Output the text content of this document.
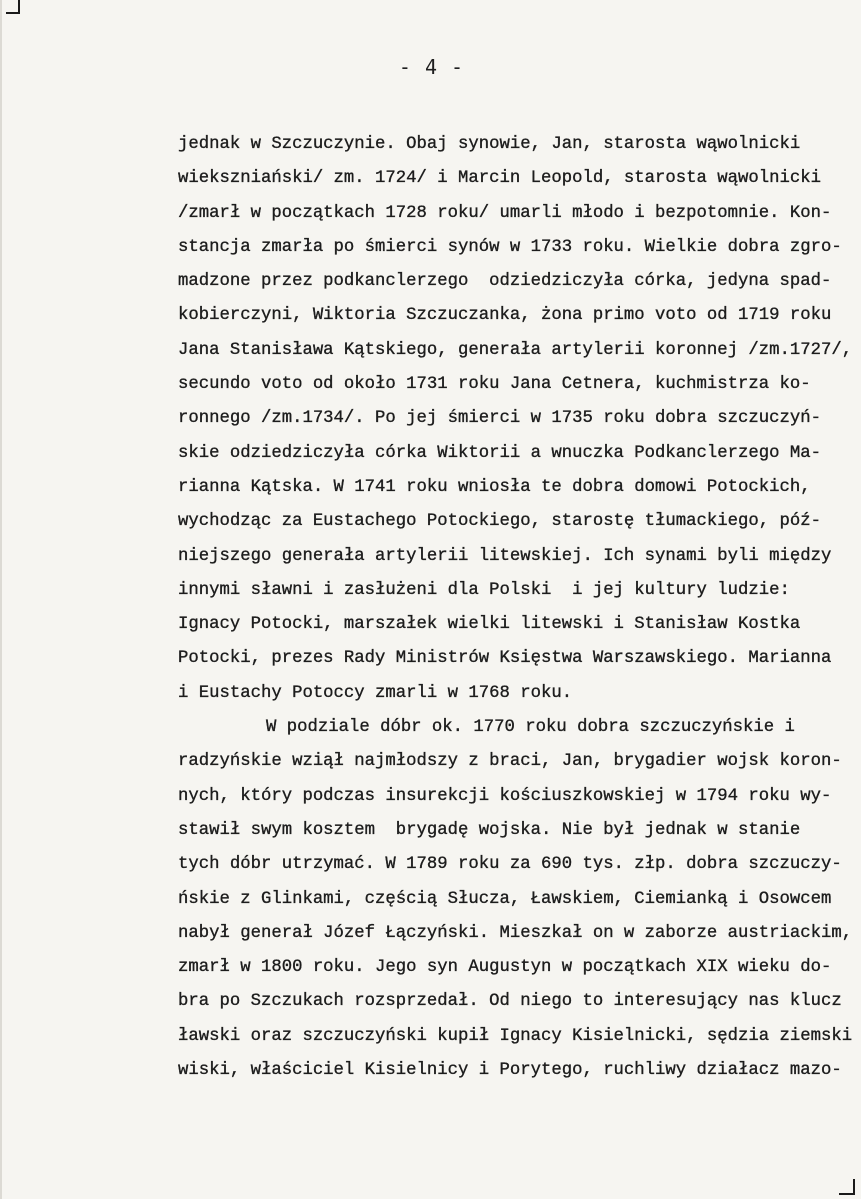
- 4 -
jednak w Szczuczynie. Obaj synowie, Jan, starosta wąwolnicki
wiekszniański/ zm. 1724/ i Marcin Leopold, starosta wąwolnicki
/zmarł w początkach 1728 roku/ umarli młodo i bezpotomnie. Kon-
stancja zmarła po śmierci synów w 1733 roku. Wielkie dobra zgro-
madzone przez podkanclerzego  odziedziczyła córka, jedyna spad-
kobierczyni, Wiktoria Szczuczanka, żona primo voto od 1719 roku
Jana Stanisława Kątskiego, generała artylerii koronnej /zm.1727/,
secundo voto od około 1731 roku Jana Cetnera, kuchmistrza ko-
ronnego /zm.1734/. Po jej śmierci w 1735 roku dobra szczuczyń-
skie odziedziczyła córka Wiktorii a wnuczka Podkanclerzego Ma-
rianna Kątska. W 1741 roku wniosła te dobra domowi Potockich,
wychodząc za Eustachego Potockiego, starostę tłumackiego, póź-
niejszego generała artylerii litewskiej. Ich synami byli między
innymi sławni i zasłużeni dla Polski  i jej kultury ludzie:
Ignacy Potocki, marszałek wielki litewski i Stanisław Kostka
Potocki, prezes Rady Ministrów Księstwa Warszawskiego. Marianna
i Eustachy Potoccy zmarli w 1768 roku.
W podziale dóbr ok. 1770 roku dobra szczuczyńskie i
radzyńskie wziął najmłodszy z braci, Jan, brygadier wojsk koron-
nych, który podczas insurekcji kościuszkowskiej w 1794 roku wy-
stawił swym kosztem  brygadę wojska. Nie był jednak w stanie
tych dóbr utrzymać. W 1789 roku za 690 tys. złp. dobra szczuczy-
ńskie z Glinkami, częścią Słucza, Ławskiem, Ciemianką i Osowcem
nabył generał Józef Łączyński. Mieszkał on w zaborze austriackim,
zmarł w 1800 roku. Jego syn Augustyn w początkach XIX wieku do-
bra po Szczukach rozsprzedał. Od niego to interesujący nas klucz
ławski oraz szczuczyński kupił Ignacy Kisielnicki, sędzia ziemski
wiski, właściciel Kisielnicy i Porytego, ruchliwy działacz mazo-
